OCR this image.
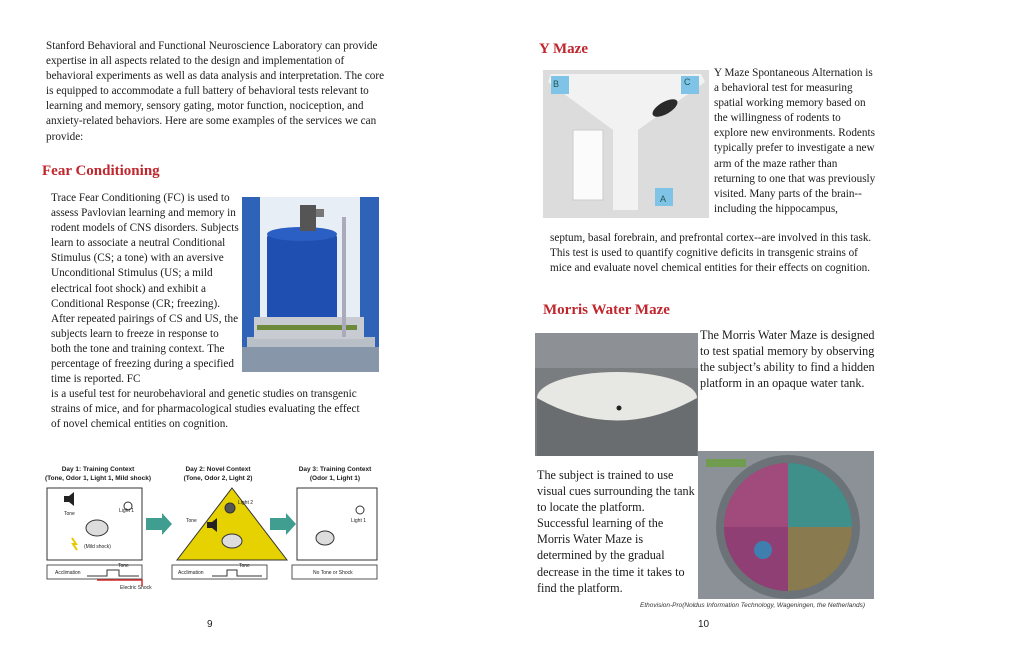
Stanford Behavioral and Functional Neuroscience Laboratory can provide expertise in all aspects related to the design and implementation of behavioral experiments as well as data analysis and interpretation. The core is equipped to accommodate a full battery of behavioral tests relevant to learning and memory, sensory gating, motor function, nociception, and anxiety-related behaviors. Here are some examples of the services we can provide:
Fear Conditioning

Trace Fear Conditioning (FC) is used to assess Pavlovian learning and memory in rodent models of CNS disorders. Subjects learn to associate a neutral Conditional Stimulus (CS; a tone) with an aversive Unconditional Stimulus (US; a mild electrical foot shock) and exhibit a Conditional Response (CR; freezing). After repeated pairings of CS and US, the subjects learn to freeze in response to both the tone and training context. The percentage of freezing during a specified time is reported. FC

is a useful test for neurobehavioral and genetic studies on transgenic strains of mice, and for pharmacological studies evaluating the effect of novel chemical entities on cognition.

Day 1: Training Context
(Tone, Odor 1, Light 1, Mild shock)
Day 2: Novel Context
(Tone, Odor 2, Light 2)
Day 3: Training Context
(Odor 1, Light 1)
Tone	Light 1
(Mild shock)
Tone
Light 2
Light 1
Acclimation
Tone
Electric Shock
Acclimation
Tone
No Tone or Shock
9
Y Maze
B	C
A
Y Maze Spontaneous Alternation is a behavioral test for measuring spatial working memory based on the willingness of rodents to explore new environments. Rodents typically prefer to investigate a new arm of the maze rather than returning to one that was previously visited. Many parts of the brain-- including the hippocampus,
septum, basal forebrain, and prefrontal cortex--are involved in this task. This test is used to quantify cognitive deficits in transgenic strains of mice and evaluate novel chemical entities for their effects on cognition.
Morris Water Maze
The Morris Water Maze is designed to test spatial memory by observing the subject’s ability to find a hidden platform in an opaque water tank.
The subject is trained to use visual cues surrounding the tank to locate the platform. Successful learning of the Morris Water Maze is determined by the gradual decrease in the time it takes to find the platform.
Ethovision-Pro(Noldus Information Technology, Wageningen, the Netherlands)
10
